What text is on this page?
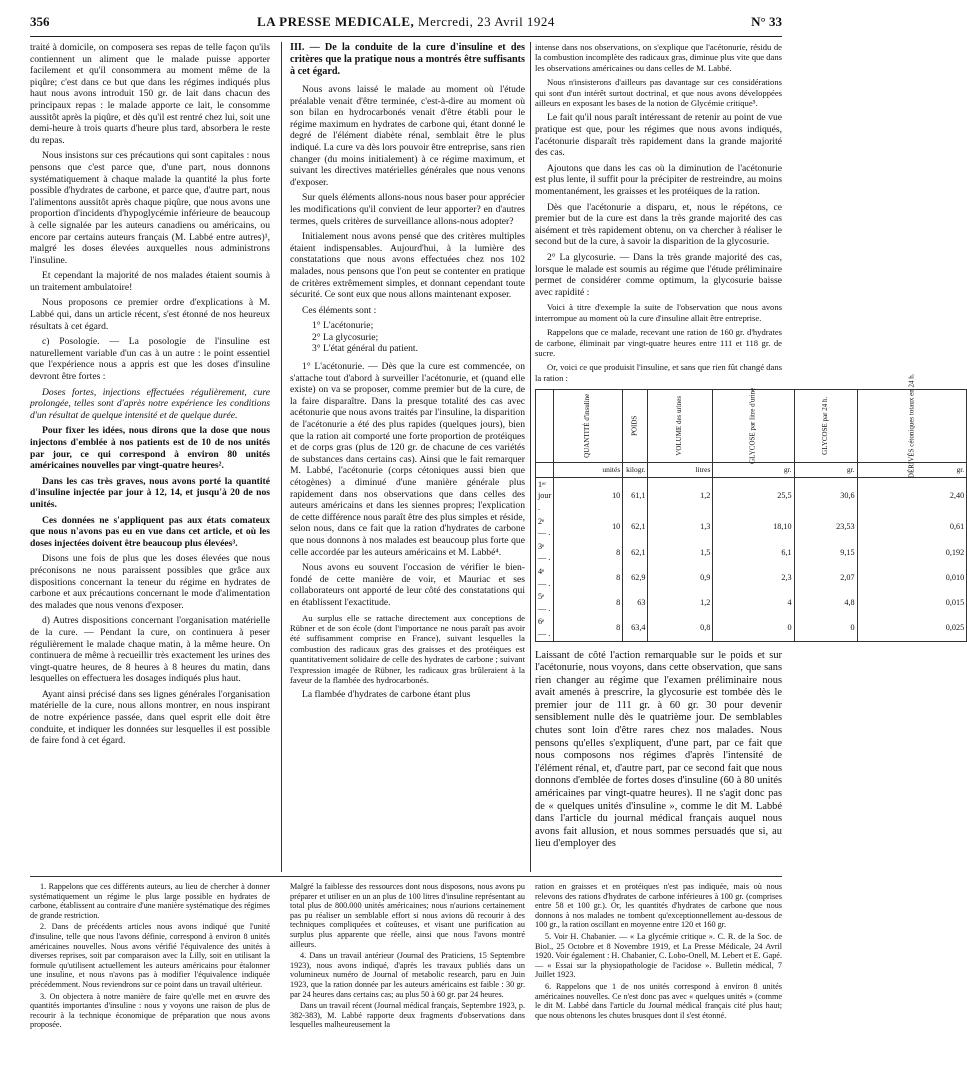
356	LA PRESSE MEDICALE, Mercredi, 23 Avril 1924	N° 33

traité à domicile, on composera ses repas de telle façon qu'ils contiennent un aliment que le malade puisse apporter facilement et qu'il consommera au moment même de la piqûre; c'est dans ce but que dans les régimes indiqués plus haut nous avons introduit 150 gr. de lait dans chacun des principaux repas : le malade apporte ce lait, le consomme aussitôt après la piqûre, et dès qu'il est rentré chez lui, soit une demi-heure à trois quarts d'heure plus tard, absorbera le reste du repas.

Nous insistons sur ces précautions qui sont capitales : nous pensons que c'est parce que, d'une part, nous donnons systématiquement à chaque malade la quantité la plus forte possible d'hydrates de carbone, et parce que, d'autre part, nous l'alimentons aussitôt après chaque piqûre, que nous avons une proportion d'incidents d'hypoglycémie inférieure de beaucoup à celle signalée par les auteurs canadiens ou américains, ou encore par certains auteurs français (M. Labbé entre autres)¹, malgré les doses élevées auxquelles nous administrons l'insuline.

Et cependant la majorité de nos malades étaient soumis à un traitement ambulatoire!

Nous proposons ce premier ordre d'explications à M. Labbé qui, dans un article récent, s'est étonné de nos heureux résultats à cet égard.

c) Posologie. — La posologie de l'insuline est naturellement variable d'un cas à un autre : le point essentiel que l'expérience nous a appris est que les doses d'insuline devront être fortes :

Doses fortes, injections effectuées régulièrement, cure prolongée, telles sont d'après notre expérience les conditions d'un résultat de quelque intensité et de quelque durée.

Pour fixer les idées, nous dirons que la dose que nous injectons d'emblée à nos patients est de 10 de nos unités par jour, ce qui correspond à environ 80 unités américaines nouvelles par vingt-quatre heures².

Dans les cas très graves, nous avons porté la quantité d'insuline injectée par jour à 12, 14, et jusqu'à 20 de nos unités.

Ces données ne s'appliquent pas aux états comateux que nous n'avons pas eu en vue dans cet article, et où les doses injectées doivent être beaucoup plus élevées³.

Disons une fois de plus que les doses élevées que nous préconisons ne nous paraissent possibles que grâce aux dispositions concernant la teneur du régime en hydrates de carbone et aux précautions concernant le mode d'alimentation des malades que nous venons d'exposer.

d) Autres dispositions concernant l'organisation matérielle de la cure. — Pendant la cure, on continuera à peser régulièrement le malade chaque matin, à la même heure. On continuera de même à recueillir très exactement les urines des vingt-quatre heures, de 8 heures à 8 heures du matin, dans lesquelles on effectuera les dosages indiqués plus haut.

Ayant ainsi précisé dans ses lignes générales l'organisation matérielle de la cure, nous allons montrer, en nous inspirant de notre expérience passée, dans quel esprit elle doit être conduite, et indiquer les données sur lesquelles il est possible de faire fond à cet égard.

III. — De la conduite de la cure d'insuline et des critères que la pratique nous a montrés être suffisants à cet égard.

Nous avons laissé le malade au moment où l'étude préalable venait d'être terminée, c'est-à-dire au moment où son bilan en hydrocarbonés venait d'être établi pour le régime maximum en hydrates de carbone qui, étant donné le degré de l'élément diabète rénal, semblait être le plus indiqué. La cure va dès lors pouvoir être entreprise, sans rien changer (du moins initialement) à ce régime maximum, et suivant les directives matérielles générales que nous venons d'exposer.

Sur quels éléments allons-nous nous baser pour apprécier les modifications qu'il convient de leur apporter? en d'autres termes, quels critères de surveillance allons-nous adopter?

Initialement nous avons pensé que des critères multiples étaient indispensables. Aujourd'hui, à la lumière des constatations que nous avons effectuées chez nos 102 malades, nous pensons que l'on peut se contenter en pratique de critères extrêmement simples, et donnant cependant toute sécurité. Ce sont eux que nous allons maintenant exposer.

Ces éléments sont :

1° L'acétonurie;
2° La glycosurie;
3° L'état général du patient.

1° L'acétonurie. — Dès que la cure est commencée, on s'attache tout d'abord à surveiller l'acétonurie, et (quand elle existe) on va se proposer, comme premier but de la cure, de la faire disparaître. Dans la presque totalité des cas avec acétonurie que nous avons traités par l'insuline, la disparition de l'acétonurie a été des plus rapides (quelques jours), bien que la ration ait comporté une forte proportion de protéiques et de corps gras (plus de 120 gr. de chacune de ces variétés de substances dans certains cas). Ainsi que le fait remarquer M. Labbé, l'acétonurie (corps cétoniques aussi bien que cétogènes) a diminué d'une manière générale plus rapidement dans nos observations que dans celles des auteurs américains et dans les siennes propres; l'explication de cette différence nous paraît être des plus simples et réside, selon nous, dans ce fait que la ration d'hydrates de carbone que nous donnons à nos malades est beaucoup plus forte que celle accordée par les auteurs américains et M. Labbé⁴.

Nous avons eu souvent l'occasion de vérifier le bien-fondé de cette manière de voir, et Mauriac et ses collaborateurs ont apporté de leur côté des constatations qui en établissent l'exactitude.

Au surplus elle se rattache directement aux conceptions de Rübner et de son école (dont l'importance ne nous paraît pas avoir été suffisamment comprise en France), suivant lesquelles la combustion des radicaux gras des graisses et des protéiques est quantitativement solidaire de celle des hydrates de carbone ; suivant l'expression imagée de Rübner, les radicaux gras brûleraient à la faveur de la flambée des hydrocarbonés.

La flambée d'hydrates de carbone étant plus

intense dans nos observations, on s'explique que l'acétonurie, résidu de la combustion incomplète des radicaux gras, diminue plus vite que dans les observations américaines ou dans celles de M. Labbé.

Nous n'insisterons d'ailleurs pas davantage sur ces considérations qui sont d'un intérêt surtout doctrinal, et que nous avons développées ailleurs en exposant les bases de la notion de Glycémie critique⁵.

Le fait qu'il nous paraît intéressant de retenir au point de vue pratique est que, pour les régimes que nous avons indiqués, l'acétonurie disparaît très rapidement dans la grande majorité des cas.

Ajoutons que dans les cas où la diminution de l'acétonurie est plus lente, il suffit pour la précipiter de restreindre, au moins momentanément, les graisses et les protéiques de la ration.

Dès que l'acétonurie a disparu, et, nous le répétons, ce premier but de la cure est dans la très grande majorité des cas aisément et très rapidement obtenu, on va chercher à réaliser le second but de la cure, à savoir la disparition de la glycosurie.

2° La glycosurie. — Dans la très grande majorité des cas, lorsque le malade est soumis au régime que l'étude préliminaire permet de considérer comme optimum, la glycosurie baisse avec rapidité :

Voici à titre d'exemple la suite de l'observation que nous avons interrompue au moment où la cure d'insuline allait être entreprise.

Rappelons que ce malade, recevant une ration de 160 gr. d'hydrates de carbone, éliminait par vingt-quatre heures entre 111 et 118 gr. de sucre.

Or, voici ce que produisit l'insuline, et sans que rien fût changé dans la ration :

	QUANTITÉ d'insuline	POIDS	VOLUME des urines	GLYCOSE par litre d'urine	GLYCOSE par 24 h.	DÉRIVÉS cétoniques totaux en 24 h.
	unités	kilogr.	litres	gr.	gr.	gr.
1ᵉʳ jour .	10	61,1	1,2	25,5	30,6	2,40
2ᵉ — .	10	62,1	1,3	18,10	23,53	0,61
3ᵉ — .	8	62,1	1,5	6,1	9,15	0,192
4ᵉ — .	8	62,9	0,9	2,3	2,07	0,010
5ᵉ — .	8	63	1,2	4	4,8	0,015
6ᵉ — .	8	63,4	0,8	0	0	0,025

Laissant de côté l'action remarquable sur le poids et sur l'acétonurie, nous voyons, dans cette observation, que sans rien changer au régime que l'examen préliminaire nous avait amenés à prescrire, la glycosurie est tombée dès le premier jour de 111 gr. à 60 gr. 30 pour devenir sensiblement nulle dès le quatrième jour. De semblables chutes sont loin d'être rares chez nos malades. Nous pensons qu'elles s'expliquent, d'une part, par ce fait que nous composons nos régimes d'après l'intensité de l'élément rénal, et, d'autre part, par ce second fait que nous donnons d'emblée de fortes doses d'insuline (60 à 80 unités américaines par vingt-quatre heures). Il ne s'agit donc pas de « quelques unités d'insuline », comme le dit M. Labbé dans l'article du journal médical français auquel nous avons fait allusion, et nous sommes persuadés que si, au lieu d'employer des

1. Rappelons que ces différents auteurs, au lieu de chercher à donner systématiquement un régime le plus large possible en hydrates de carbone, établissent au contraire d'une manière systématique des régimes de grande restriction.

2. Dans de précédents articles nous avons indiqué que l'unité d'insuline, telle que nous l'avons définie, correspond à environ 8 unités américaines nouvelles. Nous avons vérifié l'équivalence des unités à diverses reprises, soit par comparaison avec la Lilly, soit en utilisant la formule qu'utilisent actuellement les auteurs américains pour étalonner une insuline, et nous n'avons pas à modifier l'équivalence indiquée précédemment. Nous reviendrons sur ce point dans un travail ultérieur.

3. On objectera à notre manière de faire qu'elle met en œuvre des quantités importantes d'insuline : nous y voyons une raison de plus de recourir à la technique économique de préparation que nous avons proposée.

Malgré la faiblesse des ressources dont nous disposons, nous avons pu préparer et utiliser en un an plus de 100 litres d'insuline représentant au total plus de 800.000 unités américaines; nous n'aurions certainement pas pu réaliser un semblable effort si nous avions dû recourir à des techniques compliquées et coûteuses, et visant une purification au surplus plus apparente que réelle, ainsi que nous l'avons montré ailleurs.

4. Dans un travail antérieur (Journal des Praticiens, 15 Septembre 1923), nous avons indiqué, d'après les travaux publiés dans un volumineux numéro de Journal of metabolic research, paru en Juin 1923, que la ration donnée par les auteurs américains est faible : 30 gr. par 24 heures dans certains cas; au plus 50 à 60 gr. par 24 heures.

Dans un travail récent (Journal médical français, Septembre 1923, p. 382-383), M. Labbé rapporte deux fragments d'observations dans lesquelles malheureusement la

ration en graisses et en protéiques n'est pas indiquée, mais où nous relevons des rations d'hydrates de carbone inférieures à 100 gr. (comprises entre 58 et 100 gr.). Or, les quantités d'hydrates de carbone que nous donnons à nos malades ne tombent qu'exceptionnellement au-dessous de 100 gr., la ration oscillant en moyenne entre 120 et 160 gr.

5. Voir H. Chabanier. — « La glycémie critique ». C. R. de la Soc. de Biol., 25 Octobre et 8 Novembre 1919, et La Presse Médicale, 24 Avril 1920. Voir également : H. Chabanier, C. Lobo-Onell, M. Lebert et E. Gapé. — « Essai sur la physiopathologie de l'acidose ». Bulletin médical, 7 Juillet 1923.

6. Rappelons que 1 de nos unités correspond à environ 8 unités américaines nouvelles. Ce n'est donc pas avec « quelques unités » (comme le dit M. Labbé dans l'article du Journal médical français cité plus haut; que nous obtenons les chutes brusques dont il s'est étonné.
